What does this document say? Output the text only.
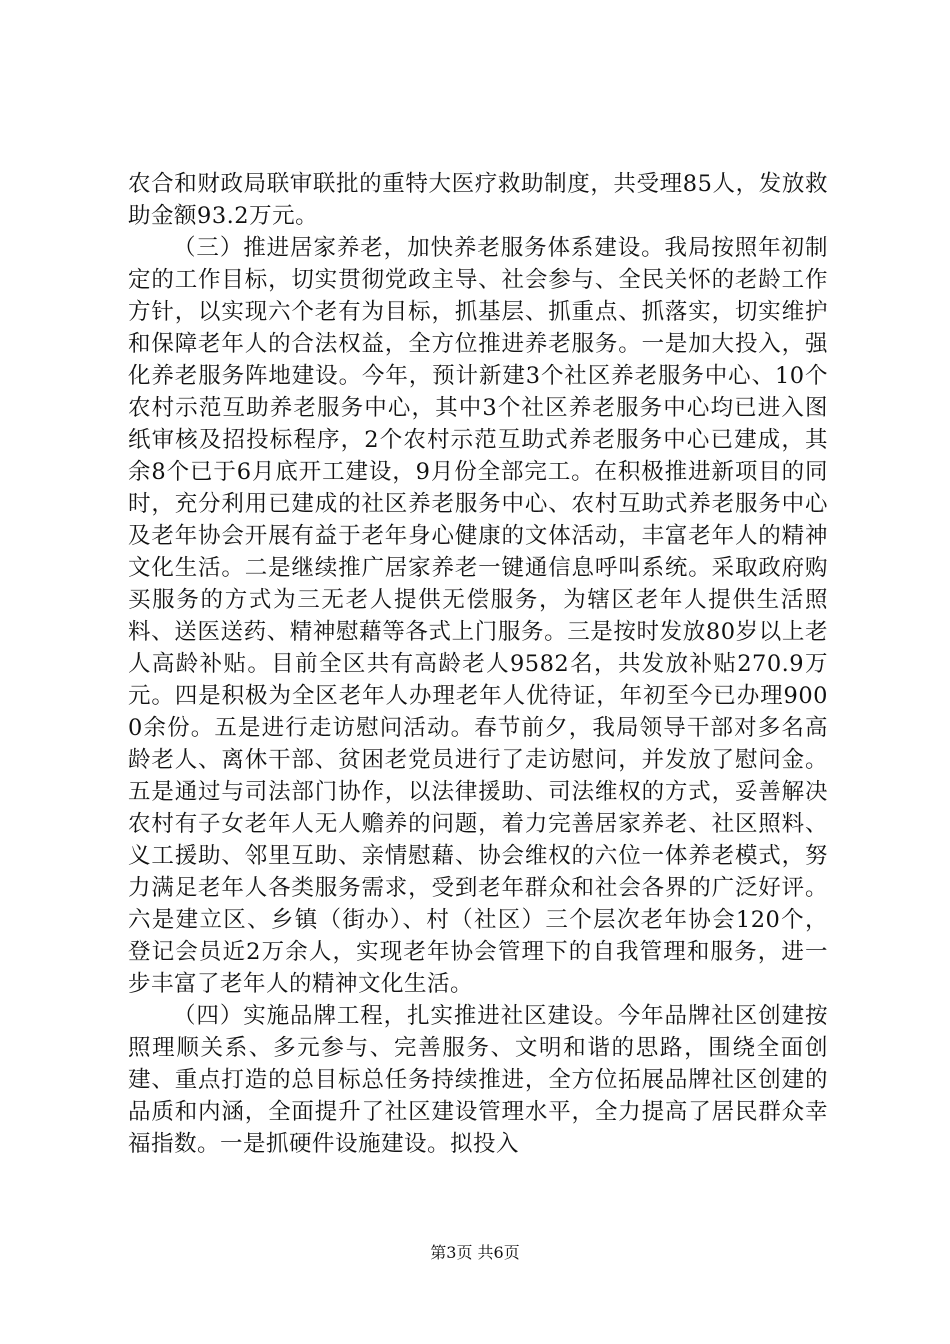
农合和财政局联审联批的重特大医疗救助制度，共受理85人，发放救助金额93.2万元。

（三）推进居家养老，加快养老服务体系建设。我局按照年初制定的工作目标，切实贯彻党政主导、社会参与、全民关怀的老龄工作方针，以实现六个老有为目标，抓基层、抓重点、抓落实，切实维护和保障老年人的合法权益，全方位推进养老服务。一是加大投入，强化养老服务阵地建设。今年，预计新建3个社区养老服务中心、10个农村示范互助养老服务中心，其中3个社区养老服务中心均已进入图纸审核及招投标程序，2个农村示范互助式养老服务中心已建成，其余8个已于6月底开工建设，9月份全部完工。在积极推进新项目的同时，充分利用已建成的社区养老服务中心、农村互助式养老服务中心及老年协会开展有益于老年身心健康的文体活动，丰富老年人的精神文化生活。二是继续推广居家养老一键通信息呼叫系统。采取政府购买服务的方式为三无老人提供无偿服务，为辖区老年人提供生活照料、送医送药、精神慰藉等各式上门服务。三是按时发放80岁以上老人高龄补贴。目前全区共有高龄老人9582名，共发放补贴270.9万元。四是积极为全区老年人办理老年人优待证，年初至今已办理9000余份。五是进行走访慰问活动。春节前夕，我局领导干部对多名高龄老人、离休干部、贫困老党员进行了走访慰问，并发放了慰问金。五是通过与司法部门协作，以法律援助、司法维权的方式，妥善解决农村有子女老年人无人赡养的问题，着力完善居家养老、社区照料、义工援助、邻里互助、亲情慰藉、协会维权的六位一体养老模式，努力满足老年人各类服务需求，受到老年群众和社会各界的广泛好评。六是建立区、乡镇（街办）、村（社区）三个层次老年协会120个，登记会员近2万余人，实现老年协会管理下的自我管理和服务，进一步丰富了老年人的精神文化生活。

（四）实施品牌工程，扎实推进社区建设。今年品牌社区创建按照理顺关系、多元参与、完善服务、文明和谐的思路，围绕全面创建、重点打造的总目标总任务持续推进，全方位拓展品牌社区创建的品质和内涵，全面提升了社区建设管理水平，全力提高了居民群众幸福指数。一是抓硬件设施建设。拟投入

第3页 共6页
